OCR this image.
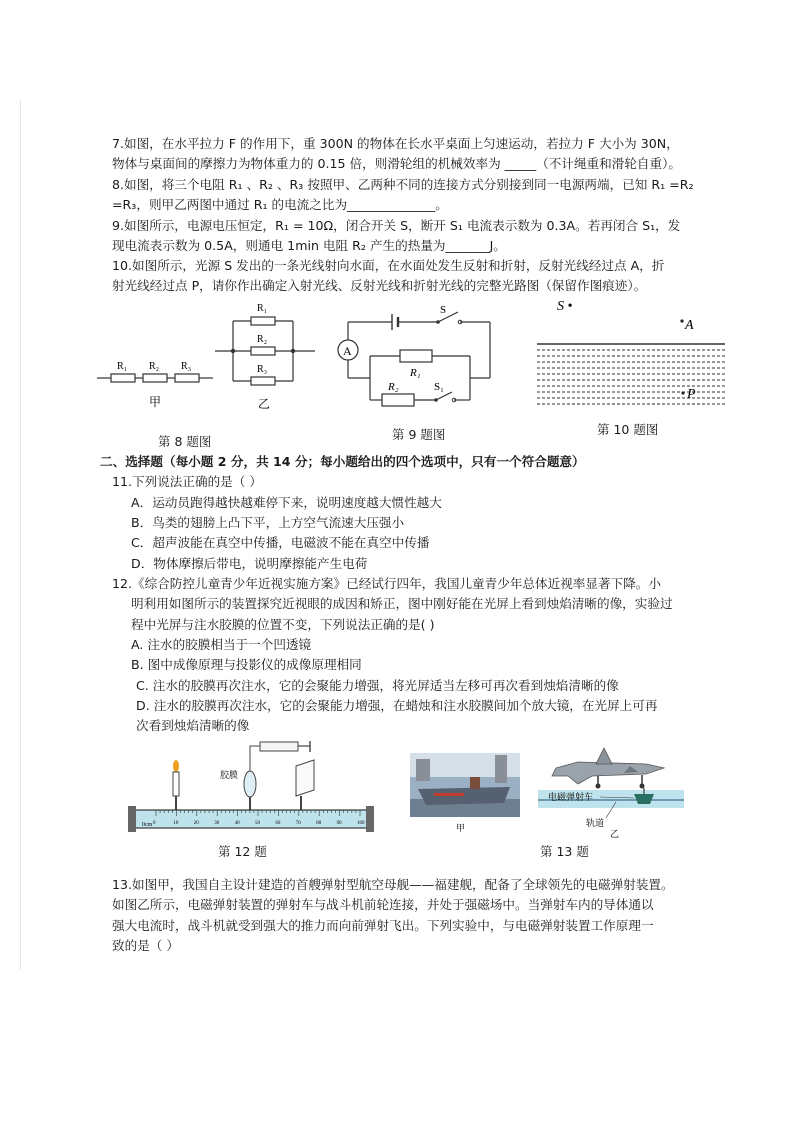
7.如图，在水平拉力 F 的作用下，重 300N 的物体在长水平桌面上匀速运动，若拉力 F 大小为 30N，
物体与桌面间的摩擦力为物体重力的 0.15 倍，则滑轮组的机械效率为 _____（不计绳重和滑轮自重）。
8.如图，将三个电阻 R₁ 、R₂ 、R₃ 按照甲、乙两种不同的连接方式分别接到同一电源两端，已知 R₁ =R₂
=R₃，则甲乙两图中通过 R₁ 的电流之比为______________。
9.如图所示，电源电压恒定，R₁ = 10Ω，闭合开关 S，断开 S₁ 电流表示数为 0.3A。若再闭合 S₁，发
现电流表示数为 0.5A，则通电 1min 电阻 R₂ 产生的热量为_______J。
10.如图所示，光源 S 发出的一条光线射向水面，在水面处发生反射和折射，反射光线经过点 A，折
射光线经过点 P，请你作出确定入射光线、反射光线和折射光线的完整光路图（保留作图痕迹）。
R₁ R₂ R₃
甲
R₁
R₂
R₃
乙
第 8 题图
S
A
R₁
R₂	S₁
第 9 题图
S •
A
P
第 10 题图
二、选择题（每小题 2 分，共 14 分；每小题给出的四个选项中，只有一个符合题意）
11.下列说法正确的是（ ）
A．运动员跑得越快越难停下来，说明速度越大惯性越大
B．鸟类的翅膀上凸下平，上方空气流速大压强小
C．超声波能在真空中传播，电磁波不能在真空中传播
D．物体摩擦后带电，说明摩擦能产生电荷
12.《综合防控儿童青少年近视实施方案》已经试行四年，我国儿童青少年总体近视率显著下降。小
明利用如图所示的装置探究近视眼的成因和矫正，图中刚好能在光屏上看到烛焰清晰的像，实验过
程中光屏与注水胶膜的位置不变，下列说法正确的是( )
A. 注水的胶膜相当于一个凹透镜
B. 图中成像原理与投影仪的成像原理相同
C. 注水的胶膜再次注水，它的会聚能力增强，将光屏适当左移可再次看到烛焰清晰的像
D. 注水的胶膜再次注水，它的会聚能力增强，在蜡烛和注水胶膜间加个放大镜，在光屏上可再
次看到烛焰清晰的像
胶膜
0	10	20	30	40	50	60	70	80	90	100
0cm
第 12 题
甲
电磁弹射车
轨道
乙
第 13 题
13.如图甲，我国自主设计建造的首艘弹射型航空母舰——福建舰，配备了全球领先的电磁弹射装置。
如图乙所示，电磁弹射装置的弹射车与战斗机前轮连接，并处于强磁场中。当弹射车内的导体通以
强大电流时，战斗机就受到强大的推力而向前弹射飞出。下列实验中，与电磁弹射装置工作原理一
致的是（ ）
